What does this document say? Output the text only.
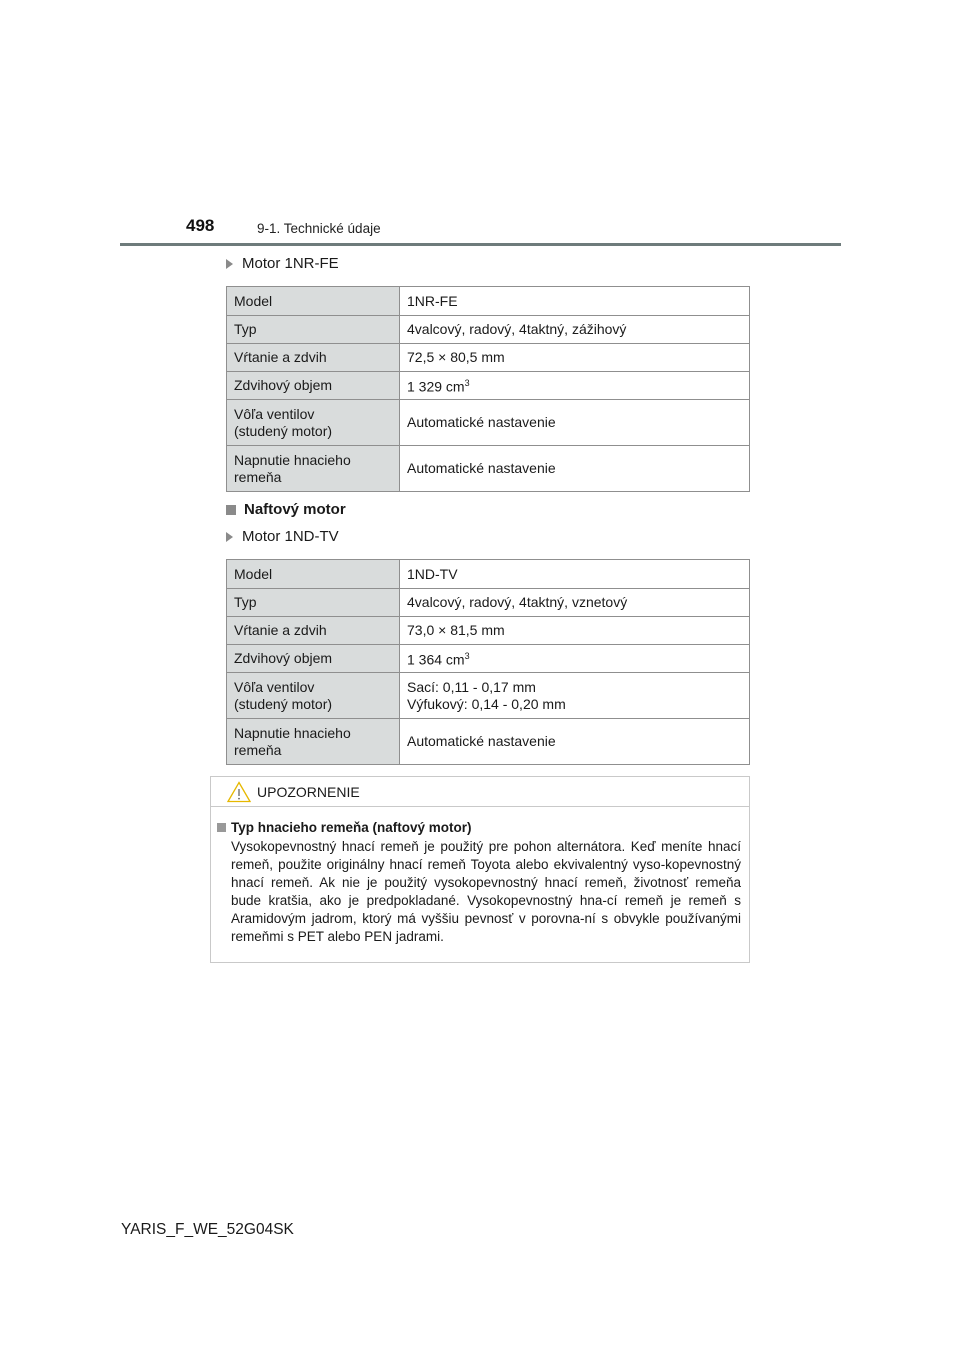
498	9-1. Technické údaje
Motor 1NR-FE
Model	1NR-FE
Typ	4valcový, radový, 4taktný, zážihový
Vŕtanie a zdvih	72,5 × 80,5 mm
Zdvihový objem	1 329 $cm^3$
Vôľa ventilov
(studený motor)	Automatické nastavenie
Napnutie hnacieho
remeňa	Automatické nastavenie
Naftový motor
Motor 1ND-TV
Model	1ND-TV
Typ	4valcový, radový, 4taktný, vznetový
Vŕtanie a zdvih	73,0 × 81,5 mm
Zdvihový objem	1 364 $cm^3$
Vôľa ventilov
(studený motor)	Sací: 0,11 - 0,17 mm
Výfukový: 0,14 - 0,20 mm
Napnutie hnacieho
remeňa	Automatické nastavenie
UPOZORNENIE
Typ hnacieho remeňa (naftový motor)
Vysokopevnostný hnací remeň je použitý pre pohon alternátora. Keď meníte hnací remeň, použite originálny hnací remeň Toyota alebo ekvivalentný vyso-kopevnostný hnací remeň. Ak nie je použitý vysokopevnostný hnací remeň, životnosť remeňa bude kratšia, ako je predpokladané. Vysokopevnostný hna-cí remeň je remeň s Aramidovým jadrom, ktorý má vyššiu pevnosť v porovna-ní s obvykle používanými remeňmi s PET alebo PEN jadrami.
YARIS_F_WE_52G04SK
